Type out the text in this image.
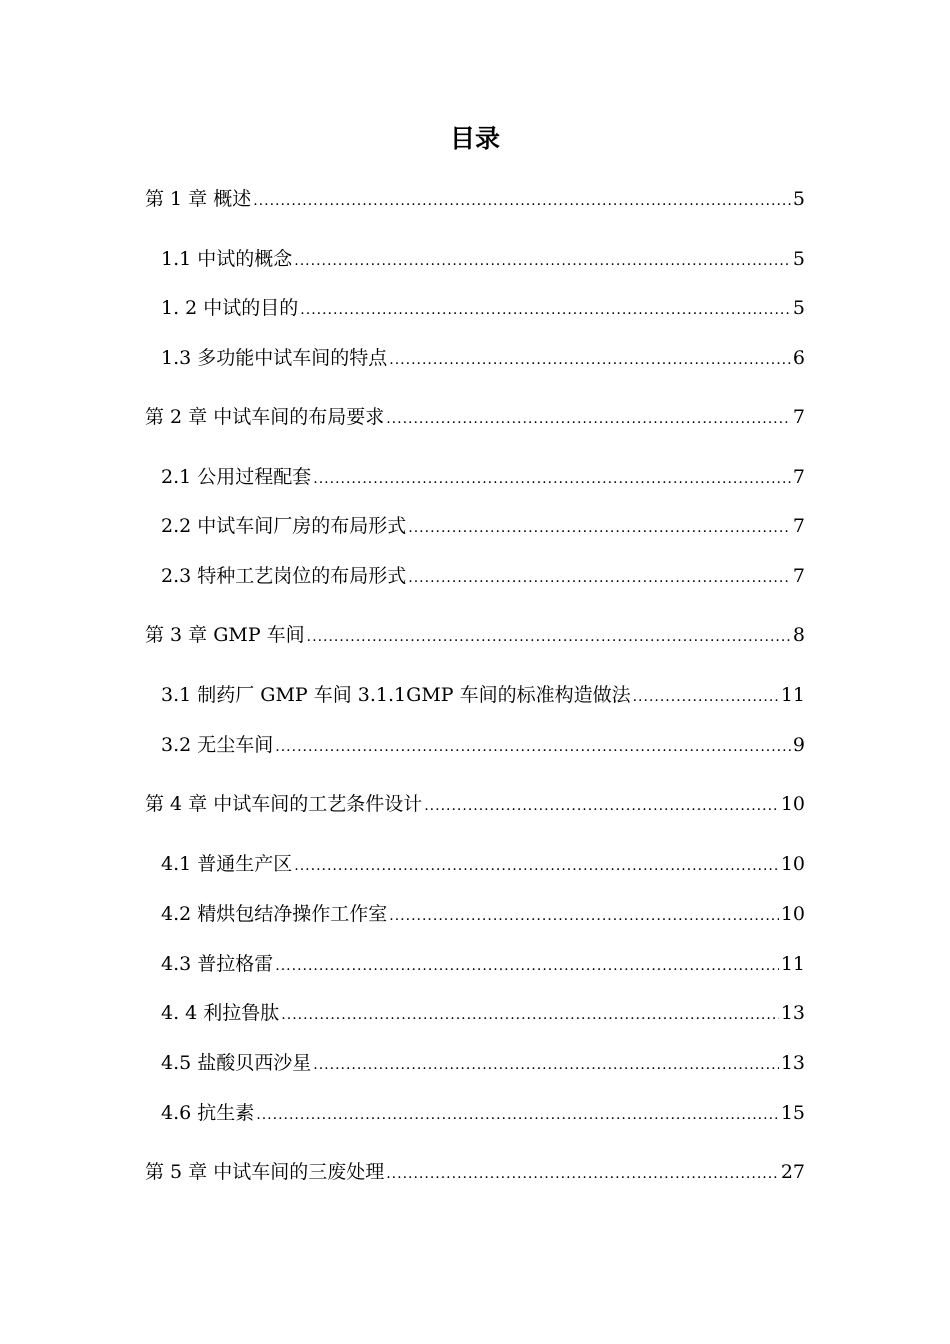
目录
第 1 章 概述 .....	5
1.1 中试的概念 .....	5
1. 2 中试的目的 .....	5
1.3 多功能中试车间的特点 .....	6
第 2 章 中试车间的布局要求 .....	7
2.1 公用过程配套 .....	7
2.2 中试车间厂房的布局形式 .....	7
2.3 特种工艺岗位的布局形式 .....	7
第 3 章 GMP 车间 .....	8
3.1 制药厂 GMP 车间 3.1.1GMP 车间的标准构造做法 .....	11
3.2 无尘车间 .....	9
第 4 章 中试车间的工艺条件设计 .....	10
4.1 普通生产区 .....	10
4.2 精烘包结净操作工作室 .....	10
4.3 普拉格雷 .....	11
4. 4 利拉鲁肽 .....	13
4.5 盐酸贝西沙星 .....	13
4.6 抗生素 .....	15
第 5 章 中试车间的三废处理 .....	27
